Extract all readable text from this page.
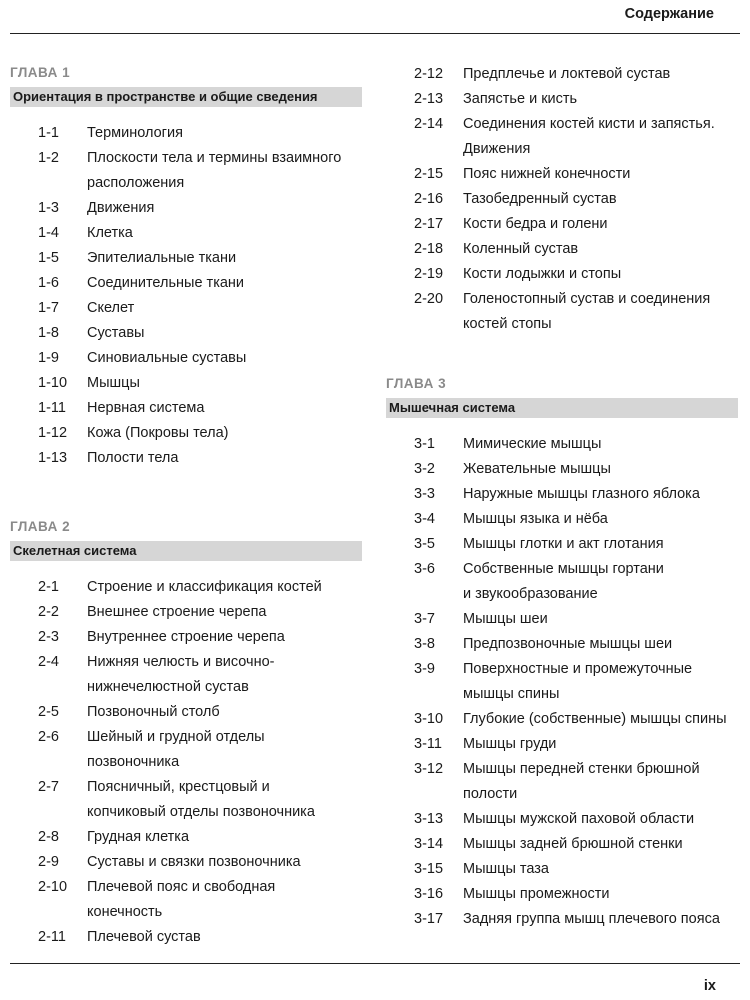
Содержание
ГЛАВА 1
Ориентация в пространстве и общие сведения
1-1	Терминология
1-2	Плоскости тела и термины взаимного
расположения
1-3	Движения
1-4	Клетка
1-5	Эпителиальные ткани
1-6	Соединительные ткани
1-7	Скелет
1-8	Суставы
1-9	Синовиальные суставы
1-10	Мышцы
1-11	Нервная система
1-12	Кожа (Покровы тела)
1-13	Полости тела
ГЛАВА 2
Скелетная система
2-1	Строение и классификация костей
2-2	Внешнее строение черепа
2-3	Внутреннее строение черепа
2-4	Нижняя челюсть и височно-
нижнечелюстной сустав
2-5	Позвоночный столб
2-6	Шейный и грудной отделы
позвоночника
2-7	Поясничный, крестцовый и
копчиковый отделы позвоночника
2-8	Грудная клетка
2-9	Суставы и связки позвоночника
2-10	Плечевой пояс и свободная
конечность
2-11	Плечевой сустав
2-12	Предплечье и локтевой сустав
2-13	Запястье и кисть
2-14	Соединения костей кисти и запястья.
Движения
2-15	Пояс нижней конечности
2-16	Тазобедренный сустав
2-17	Кости бедра и голени
2-18	Коленный сустав
2-19	Кости лодыжки и стопы
2-20	Голеностопный сустав и соединения
костей стопы
ГЛАВА 3
Мышечная система
3-1	Мимические мышцы
3-2	Жевательные мышцы
3-3	Наружные мышцы глазного яблока
3-4	Мышцы языка и нёба
3-5	Мышцы глотки и акт глотания
3-6	Собственные мышцы гортани
и звукообразование
3-7	Мышцы шеи
3-8	Предпозвоночные мышцы шеи
3-9	Поверхностные и промежуточные
мышцы спины
3-10	Глубокие (собственные) мышцы спины
3-11	Мышцы груди
3-12	Мышцы передней стенки брюшной
полости
3-13	Мышцы мужской паховой области
3-14	Мышцы задней брюшной стенки
3-15	Мышцы таза
3-16	Мышцы промежности
3-17	Задняя группа мышц плечевого пояса
ix
